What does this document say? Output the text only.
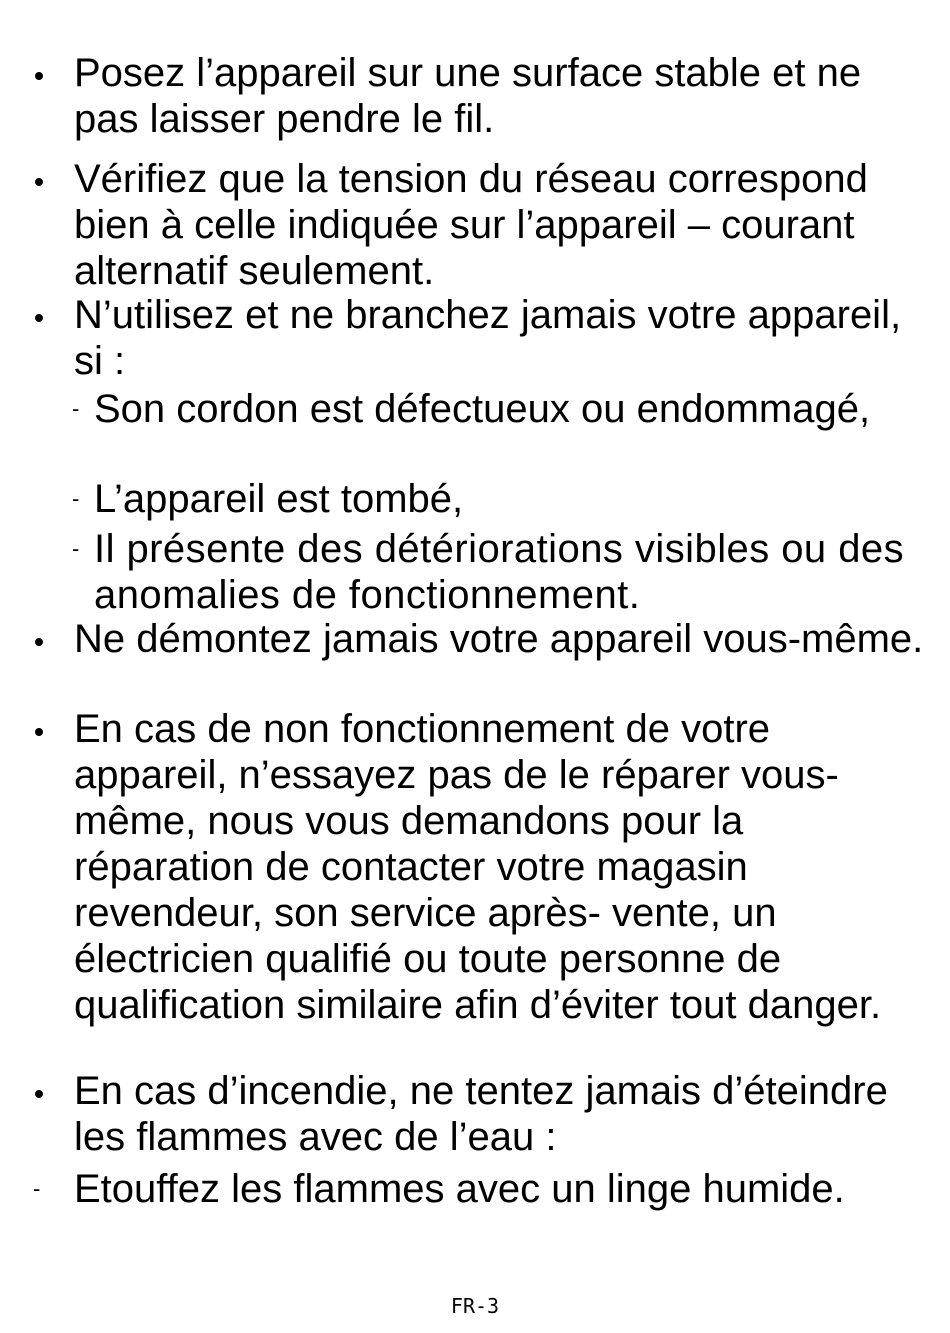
Posez l’appareil sur une surface stable et ne pas laisser pendre le fil.

Vérifiez que la tension du réseau correspond bien à celle indiquée sur l’appareil – courant alternatif seulement.

N’utilisez et ne branchez jamais votre appareil, si :

- Son cordon est défectueux ou endommagé,

- L’appareil est tombé,

- Il présente des détériorations visibles ou des anomalies de fonctionnement.

Ne démontez jamais votre appareil vous-même.

En cas de non fonctionnement de votre appareil, n’essayez pas de le réparer vous-même, nous vous demandons pour la réparation de contacter votre magasin revendeur, son service après- vente, un électricien qualifié ou toute personne de qualification similaire afin d’éviter tout danger.

En cas d’incendie, ne tentez jamais d’éteindre les flammes avec de l’eau :

- Etouffez les flammes avec un linge humide.

FR-3
